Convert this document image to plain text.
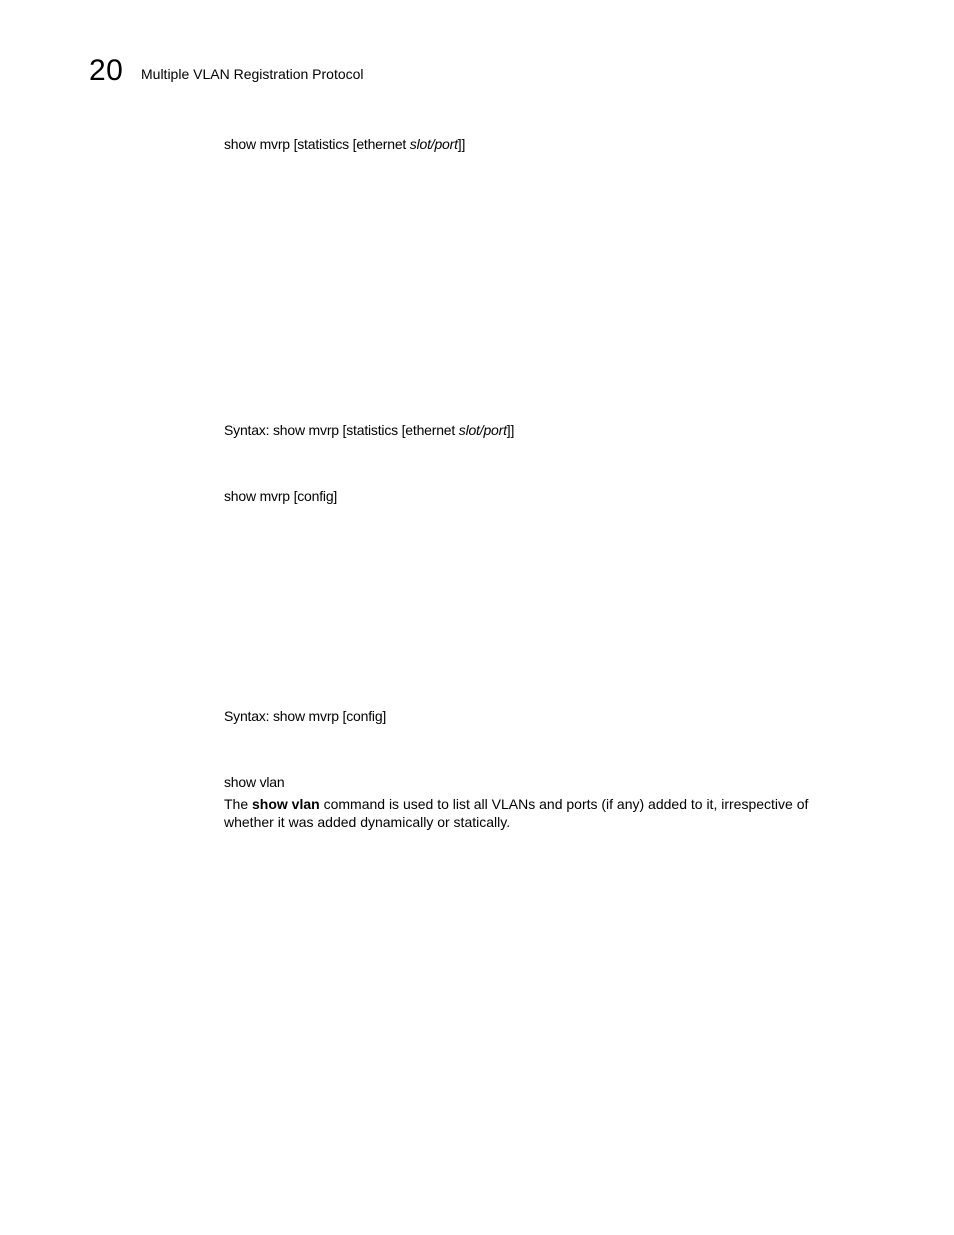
20 Multiple VLAN Registration Protocol
show mvrp [statistics [ethernet slot/port]]
Syntax: show mvrp [statistics [ethernet slot/port]]
show mvrp [config]
Syntax: show mvrp [config]
show vlan
The show vlan command is used to list all VLANs and ports (if any) added to it, irrespective of whether it was added dynamically or statically.
